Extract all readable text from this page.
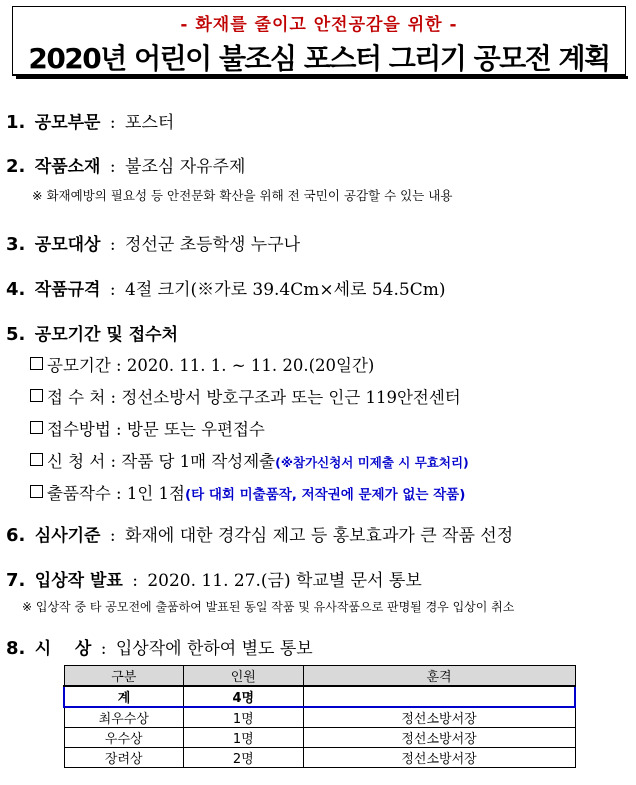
- 화재를 줄이고 안전공감을 위한 -
2020년 어린이 불조심 포스터 그리기 공모전 계획
1. 공모부문 : 포스터
2. 작품소재 : 불조심 자유주제
※ 화재예방의 필요성 등 안전문화 확산을 위해 전 국민이 공감할 수 있는 내용
3. 공모대상 : 정선군 초등학생 누구나
4. 작품규격 : 4절 크기(※가로 39.4Cm×세로 54.5Cm)
5. 공모기간 및 접수처
공모기간 : 2020. 11. 1. ~ 11. 20.(20일간)
접 수 처 : 정선소방서 방호구조과 또는 인근 119안전센터
접수방법 : 방문 또는 우편접수
신 청 서 : 작품 당 1매 작성제출(※참가신청서 미제출 시 무효처리)
출품작수 : 1인 1점(타 대회 미출품작, 저작권에 문제가 없는 작품)
6. 심사기준 : 화재에 대한 경각심 제고 등 홍보효과가 큰 작품 선정
7. 입상작 발표 : 2020. 11. 27.(금) 학교별 문서 통보
※ 입상작 중 타 공모전에 출품하여 발표된 동일 작품 및 유사작품으로 판명될 경우 입상이 취소
8. 시    상 : 입상작에 한하여 별도 통보
구분	인원	훈격
계	4명	
최우수상	1명	정선소방서장
우수상	1명	정선소방서장
장려상	2명	정선소방서장
